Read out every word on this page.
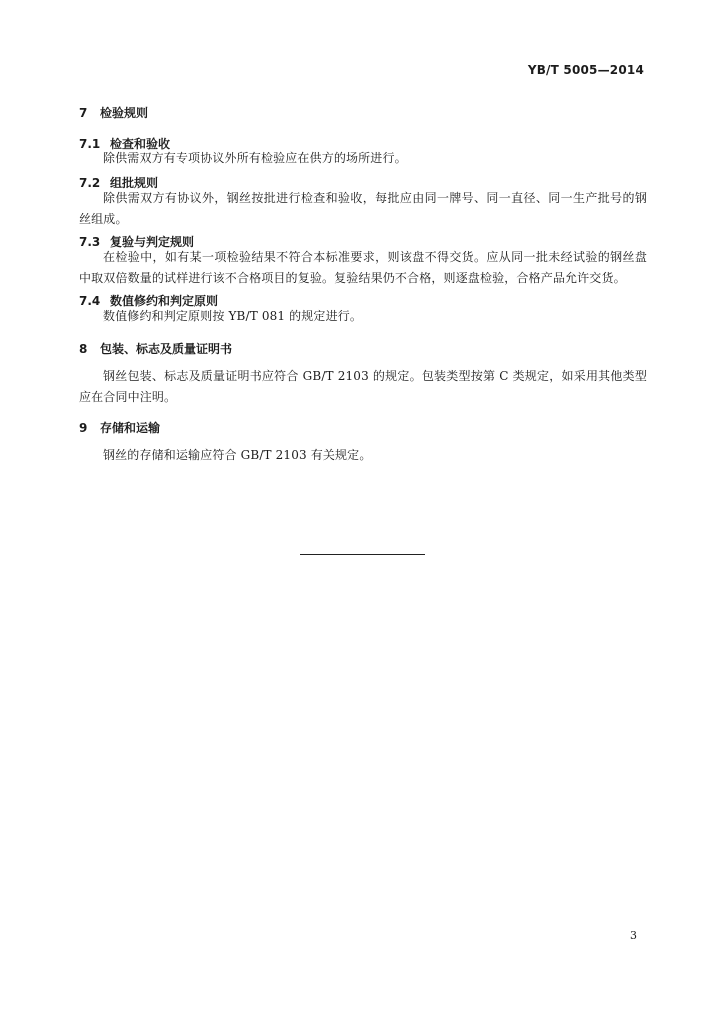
YB/T 5005—2014
7 检验规则
7.1 检查和验收
除供需双方有专项协议外所有检验应在供方的场所进行。
7.2 组批规则
除供需双方有协议外，钢丝按批进行检查和验收，每批应由同一牌号、同一直径、同一生产批号的钢丝组成。
7.3 复验与判定规则
在检验中，如有某一项检验结果不符合本标准要求，则该盘不得交货。应从同一批未经试验的钢丝盘中取双倍数量的试样进行该不合格项目的复验。复验结果仍不合格，则逐盘检验，合格产品允许交货。
7.4 数值修约和判定原则
数值修约和判定原则按 YB/T 081 的规定进行。
8 包装、标志及质量证明书
钢丝包装、标志及质量证明书应符合 GB/T 2103 的规定。包装类型按第 C 类规定，如采用其他类型应在合同中注明。
9 存储和运输
钢丝的存储和运输应符合 GB/T 2103 有关规定。
3
